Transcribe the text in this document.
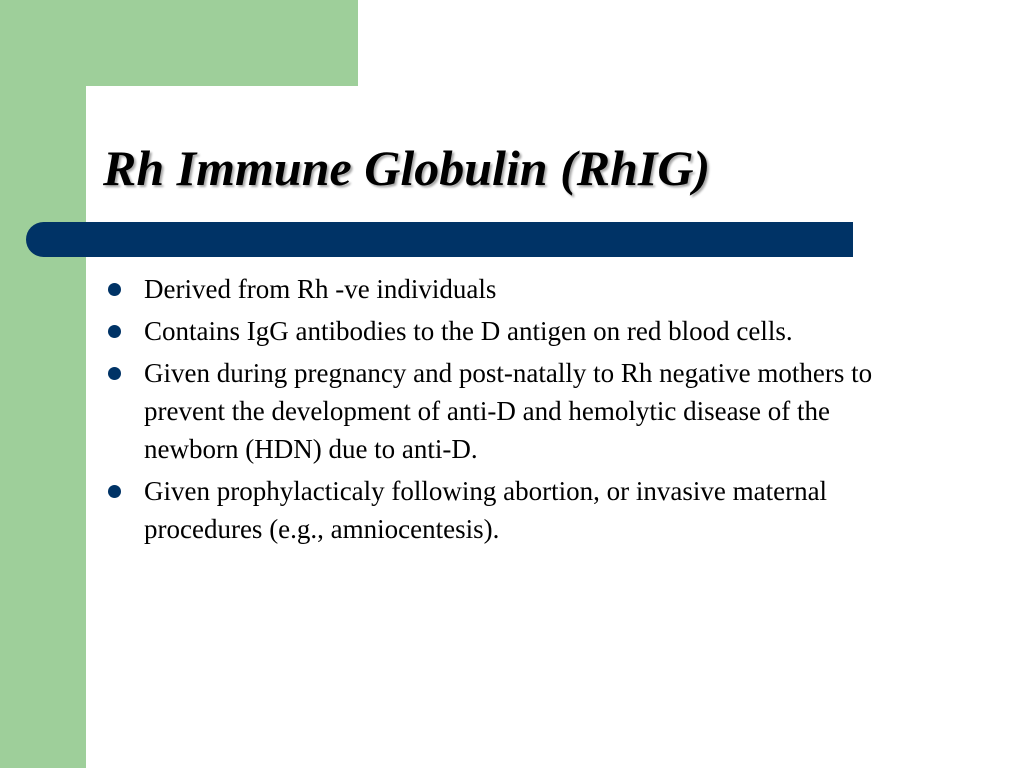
Rh Immune Globulin (RhIG)
Derived from Rh -ve individuals
Contains IgG antibodies to the D antigen on red blood cells.
Given during pregnancy and post-natally to Rh negative mothers to prevent the development of anti-D and hemolytic disease of the newborn (HDN) due to anti-D.
Given prophylacticaly following abortion, or invasive maternal procedures (e.g., amniocentesis).
